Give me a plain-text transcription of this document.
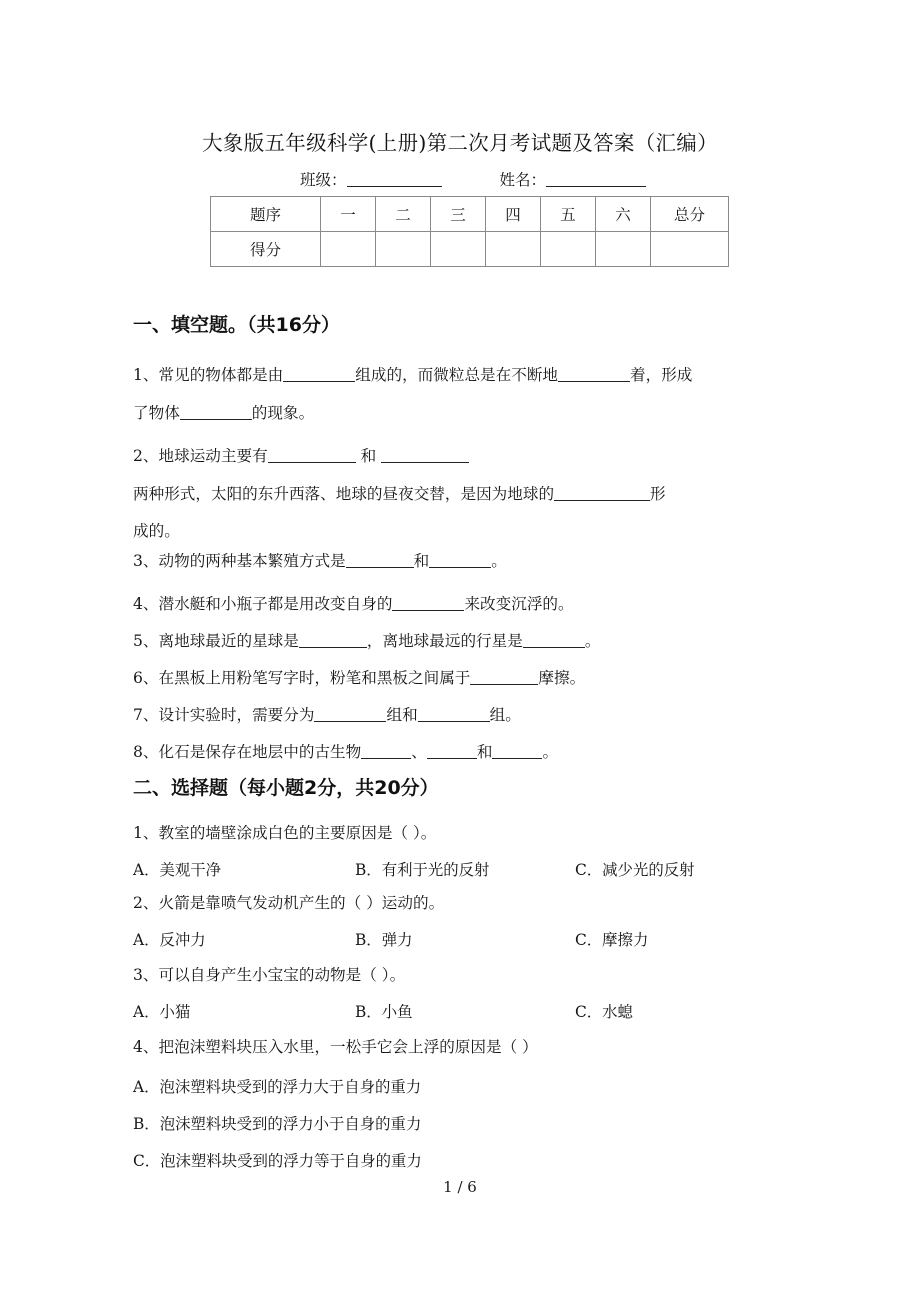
大象版五年级科学(上册)第二次月考试题及答案（汇编）
班级：	姓名：
题序	一	二	三	四	五	六	总分
得分							
一、填空题。（共16分）
1、常见的物体都是由	组成的，而微粒总是在不断地	着，形成
了物体	的现象。
2、地球运动主要有	和
两种形式，太阳的东升西落、地球的昼夜交替，是因为地球的	形
成的。
3、动物的两种基本繁殖方式是	和	。
4、潜水艇和小瓶子都是用改变自身的	来改变沉浮的。
5、离地球最近的星球是	，离地球最远的行星是	。
6、在黑板上用粉笔写字时，粉笔和黑板之间属于	摩擦。
7、设计实验时，需要分为	组和	组。
8、化石是保存在地层中的古生物	、	和	。
二、选择题（每小题2分，共20分）
1、教室的墙壁涂成白色的主要原因是（ ）。
A．美观干净	B．有利于光的反射	C．减少光的反射
2、火箭是靠喷气发动机产生的（ ）运动的。
A．反冲力	B．弹力	C．摩擦力
3、可以自身产生小宝宝的动物是（ ）。
A．小猫	B．小鱼	C．水螅
4、把泡沫塑料块压入水里，一松手它会上浮的原因是（ ）
A．泡沫塑料块受到的浮力大于自身的重力
B．泡沫塑料块受到的浮力小于自身的重力
C．泡沫塑料块受到的浮力等于自身的重力
1 / 6
